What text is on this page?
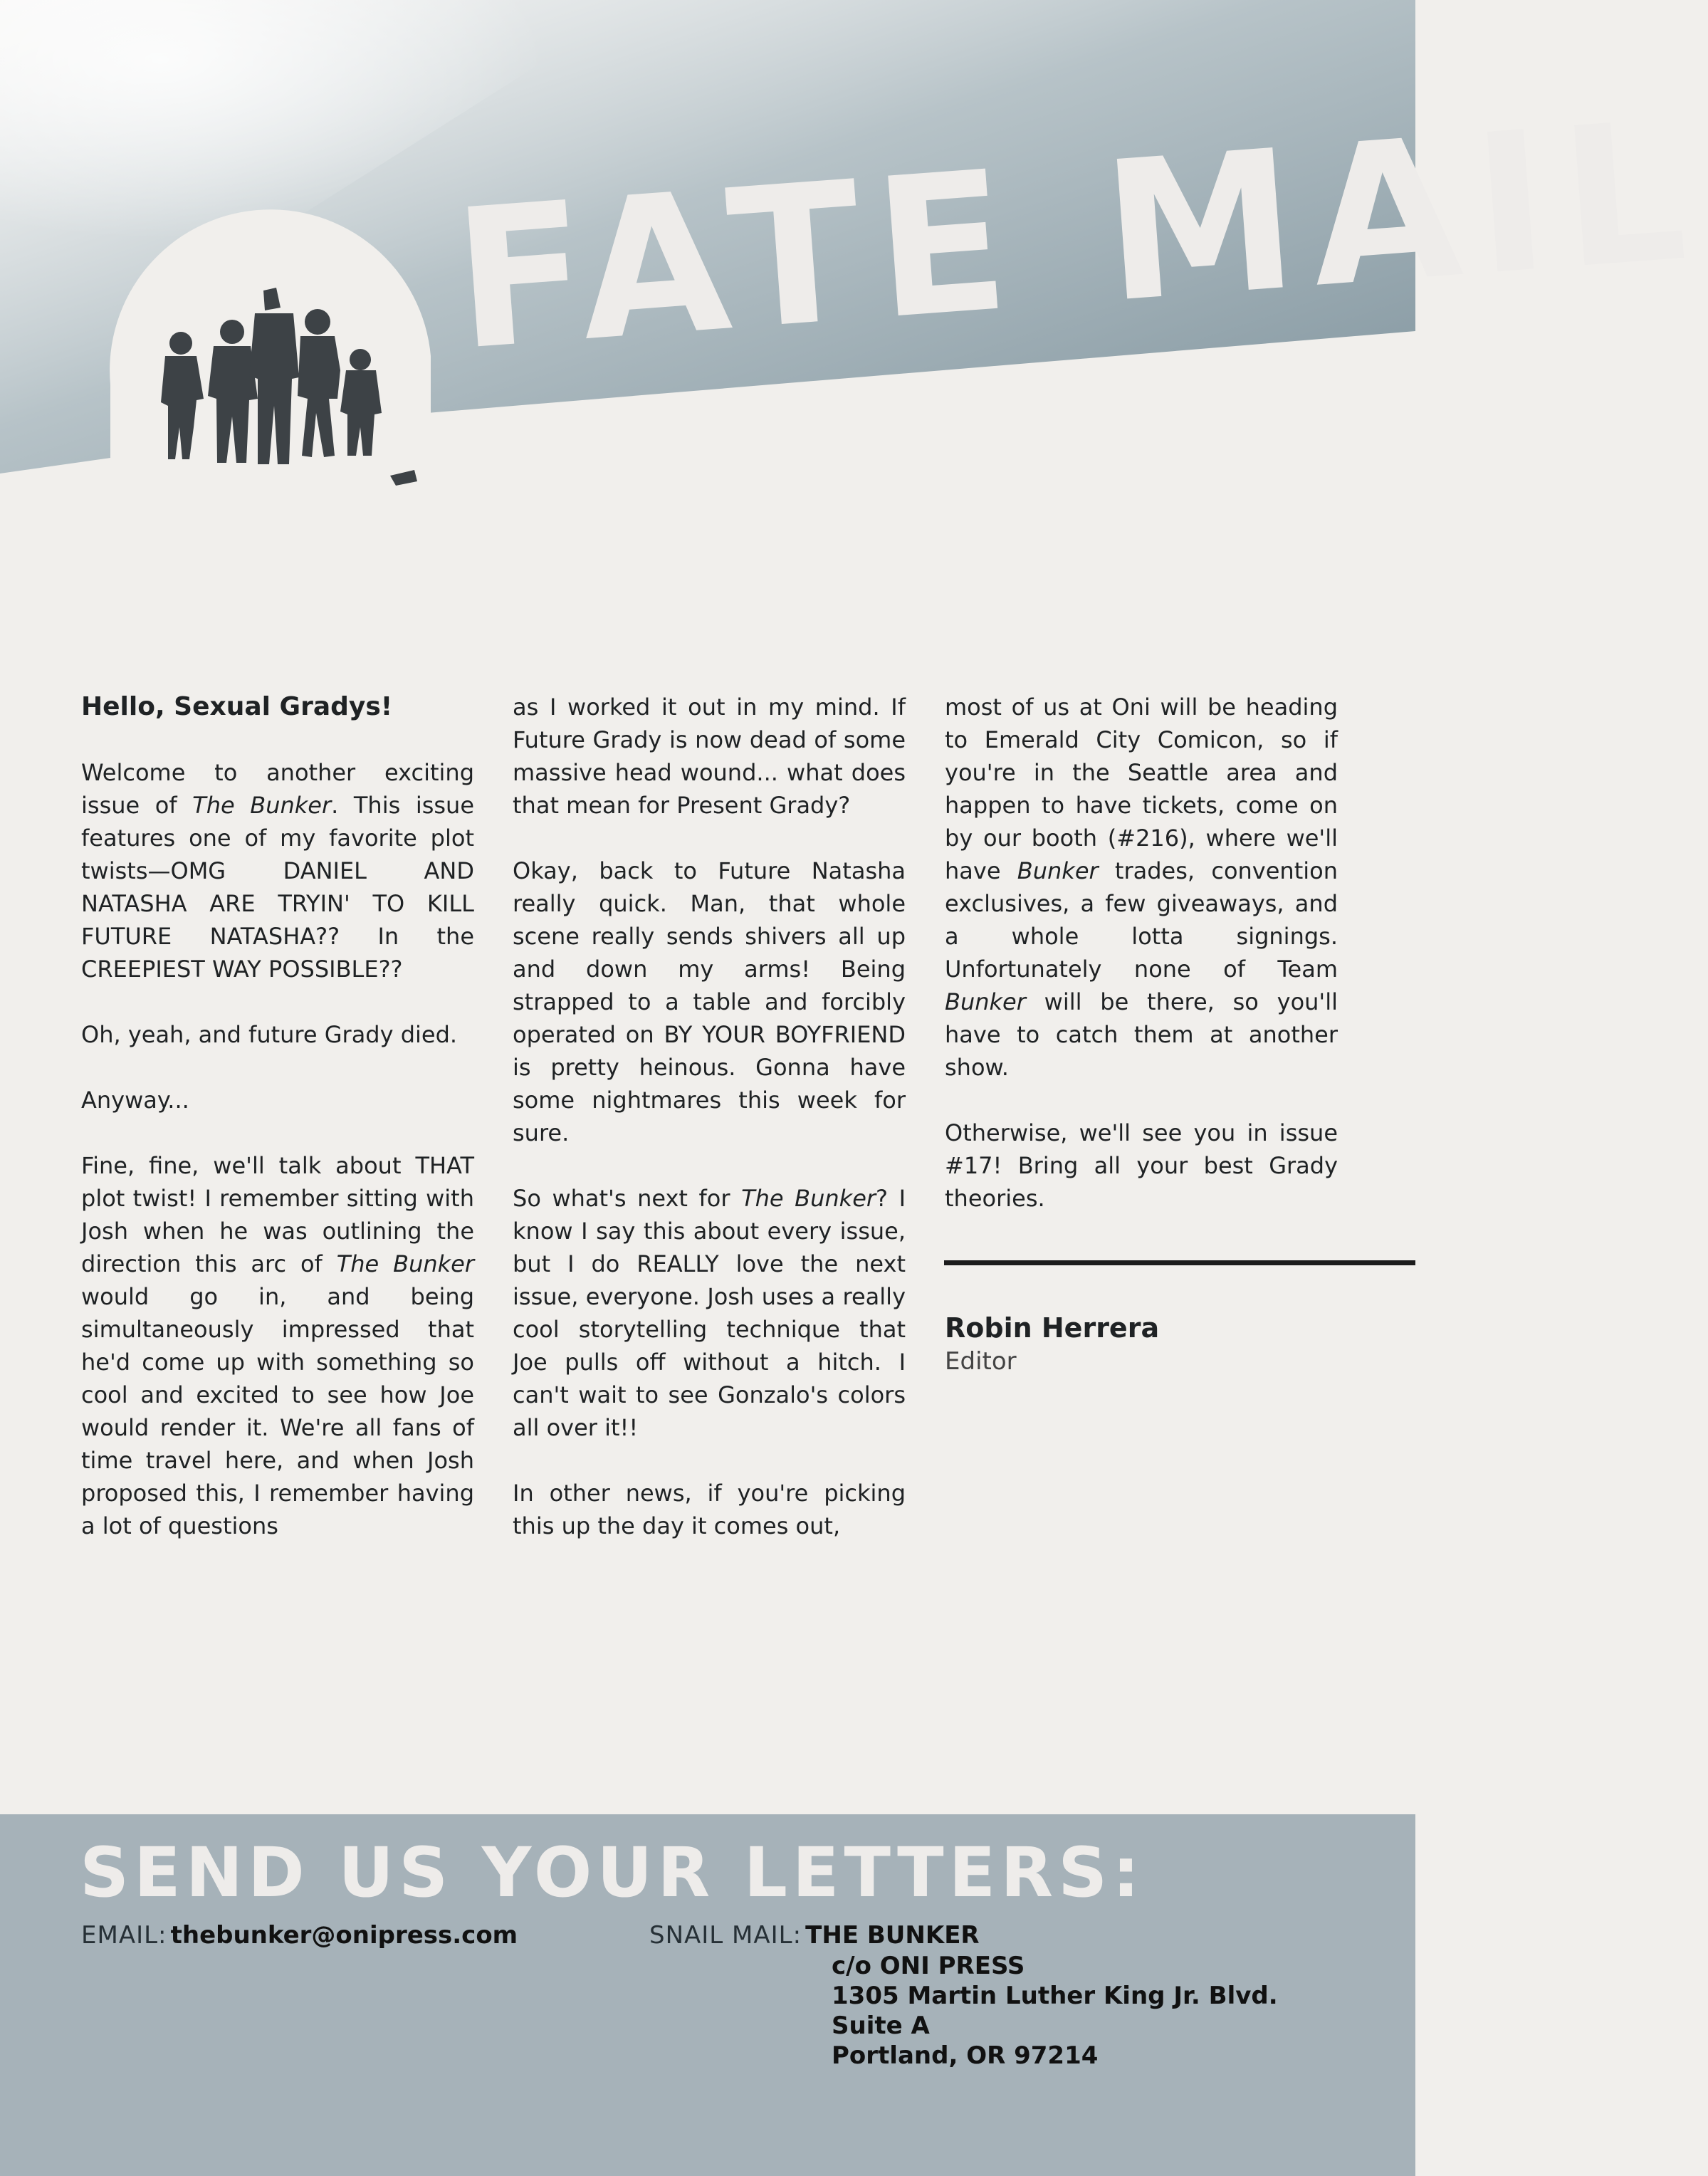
FATE MAIL

Hello, Sexual Gradys!

Welcome to another exciting issue of The Bunker. This issue features one of my favorite plot twists—OMG DANIEL AND NATASHA ARE TRYIN' TO KILL FUTURE NATASHA?? In the CREEPIEST WAY POSSIBLE??

Oh, yeah, and future Grady died.

Anyway...

Fine, fine, we'll talk about THAT plot twist! I remember sitting with Josh when he was outlining the direction this arc of The Bunker would go in, and being simultaneously impressed that he'd come up with something so cool and excited to see how Joe would render it. We're all fans of time travel here, and when Josh proposed this, I remember having a lot of questions

as I worked it out in my mind. If Future Grady is now dead of some massive head wound... what does that mean for Present Grady?

Okay, back to Future Natasha really quick. Man, that whole scene really sends shivers all up and down my arms! Being strapped to a table and forcibly operated on BY YOUR BOYFRIEND is pretty heinous. Gonna have some nightmares this week for sure.

So what's next for The Bunker? I know I say this about every issue, but I do REALLY love the next issue, everyone. Josh uses a really cool storytelling technique that Joe pulls off without a hitch. I can't wait to see Gonzalo's colors all over it!!

In other news, if you're picking this up the day it comes out,

most of us at Oni will be heading to Emerald City Comicon, so if you're in the Seattle area and happen to have tickets, come on by our booth (#216), where we'll have Bunker trades, convention exclusives, a few giveaways, and a whole lotta signings. Unfortunately none of Team Bunker will be there, so you'll have to catch them at another show.

Otherwise, we'll see you in issue #17! Bring all your best Grady theories.

Robin Herrera
Editor
SEND US YOUR LETTERS:
EMAIL: thebunker@onipress.com	SNAIL MAIL: THE BUNKER
c/o ONI PRESS
1305 Martin Luther King Jr. Blvd.
Suite A
Portland, OR 97214
